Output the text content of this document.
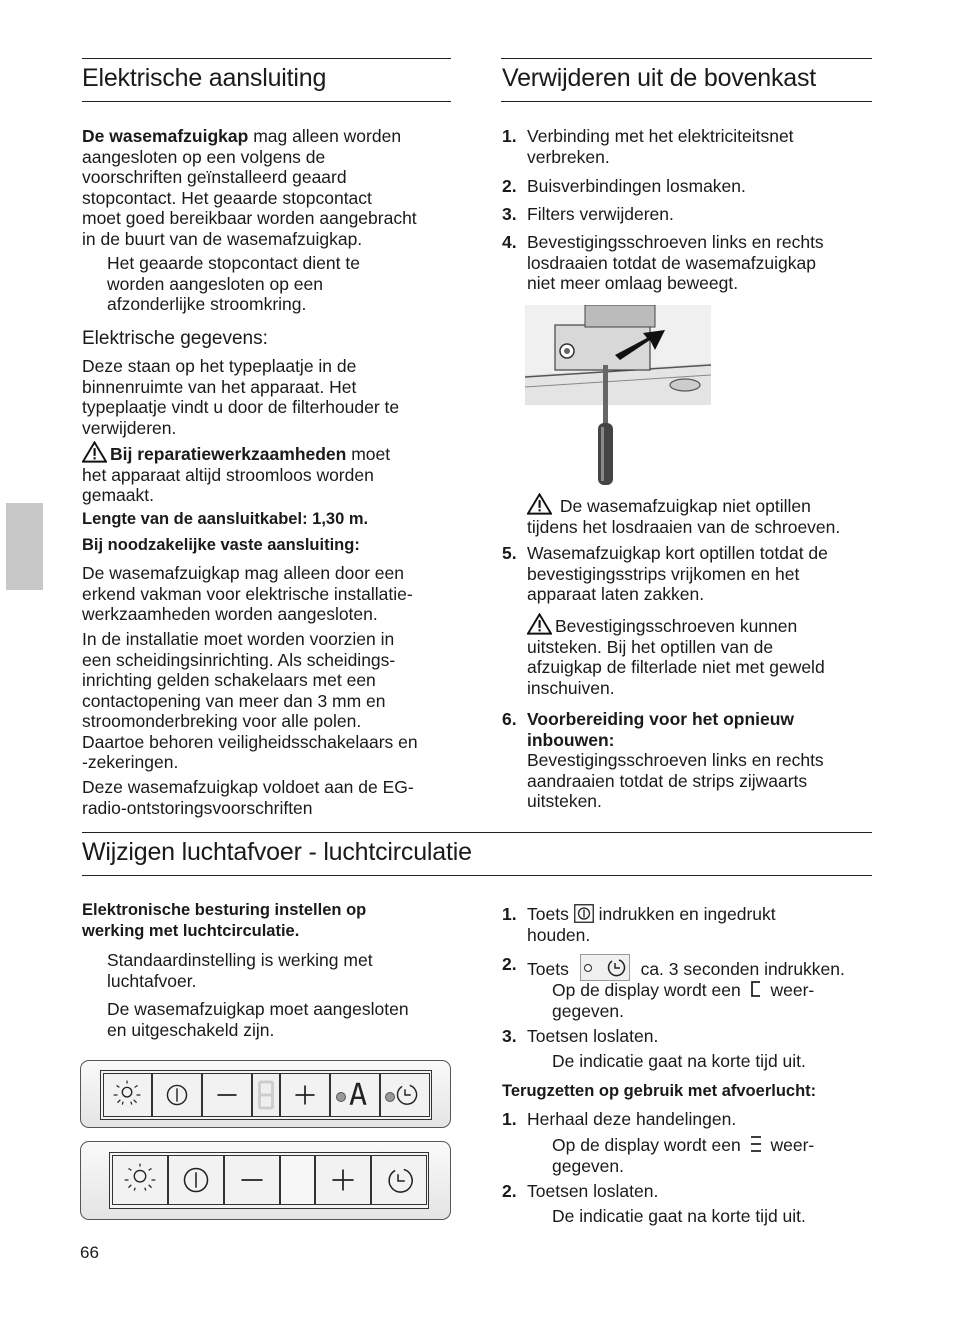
Elektrische aansluiting
De wasemafzuigkap mag alleen worden
aangesloten op een volgens de
voorschriften geïnstalleerd geaard
stopcontact. Het geaarde stopcontact
moet goed bereikbaar worden aangebracht
in de buurt van de wasemafzuigkap.
Het geaarde stopcontact dient te
worden aangesloten op een
afzonderlijke stroomkring.
Elektrische gegevens:
Deze staan op het typeplaatje in de
binnenruimte van het apparaat. Het
typeplaatje vindt u door de filterhouder te
verwijderen.
Bij reparatiewerkzaamheden moet
het apparaat altijd stroomloos worden
gemaakt.
Lengte van de aansluitkabel: 1,30 m.
Bij noodzakelijke vaste aansluiting:
De wasemafzuigkap mag alleen door een
erkend vakman voor elektrische installatie-
werkzaamheden worden aangesloten.
In de installatie moet worden voorzien in
een scheidingsinrichting. Als scheidings-
inrichting gelden schakelaars met een
contactopening van meer dan 3 mm en
stroomonderbreking voor alle polen.
Daartoe behoren veiligheidsschakelaars en
-zekeringen.
Deze wasemafzuigkap voldoet aan de EG-
radio-ontstoringsvoorschriften
Verwijderen uit de bovenkast
1. Verbinding met het elektriciteitsnet
verbreken.
2. Buisverbindingen losmaken.
3. Filters verwijderen.
4. Bevestigingsschroeven links en rechts
losdraaien totdat de wasemafzuigkap
niet meer omlaag beweegt.
De wasemafzuigkap niet optillen
tijdens het losdraaien van de schroeven.
5. Wasemafzuigkap kort optillen totdat de
bevestigingsstrips vrijkomen en het
apparaat laten zakken.
Bevestigingsschroeven kunnen
uitsteken. Bij het optillen van de
afzuigkap de filterlade niet met geweld
inschuiven.
6. Voorbereiding voor het opnieuw
inbouwen:
Bevestigingsschroeven links en rechts
aandraaien totdat de strips zijwaarts
uitsteken.
Wijzigen luchtafvoer - luchtcirculatie
Elektronische besturing instellen op
werking met luchtcirculatie.
Standaardinstelling is werking met
luchtafvoer.
De wasemafzuigkap moet aangesloten
en uitgeschakeld zijn.
A
1. Toets indrukken en ingedrukt
houden.
2. Toets	ca. 3 seconden indrukken.
Op de display wordt een weer-
gegeven.
3. Toetsen loslaten.
De indicatie gaat na korte tijd uit.
Terugzetten op gebruik met afvoerlucht:
1. Herhaal deze handelingen.
Op de display wordt een weer-
gegeven.
2. Toetsen loslaten.
De indicatie gaat na korte tijd uit.
66
